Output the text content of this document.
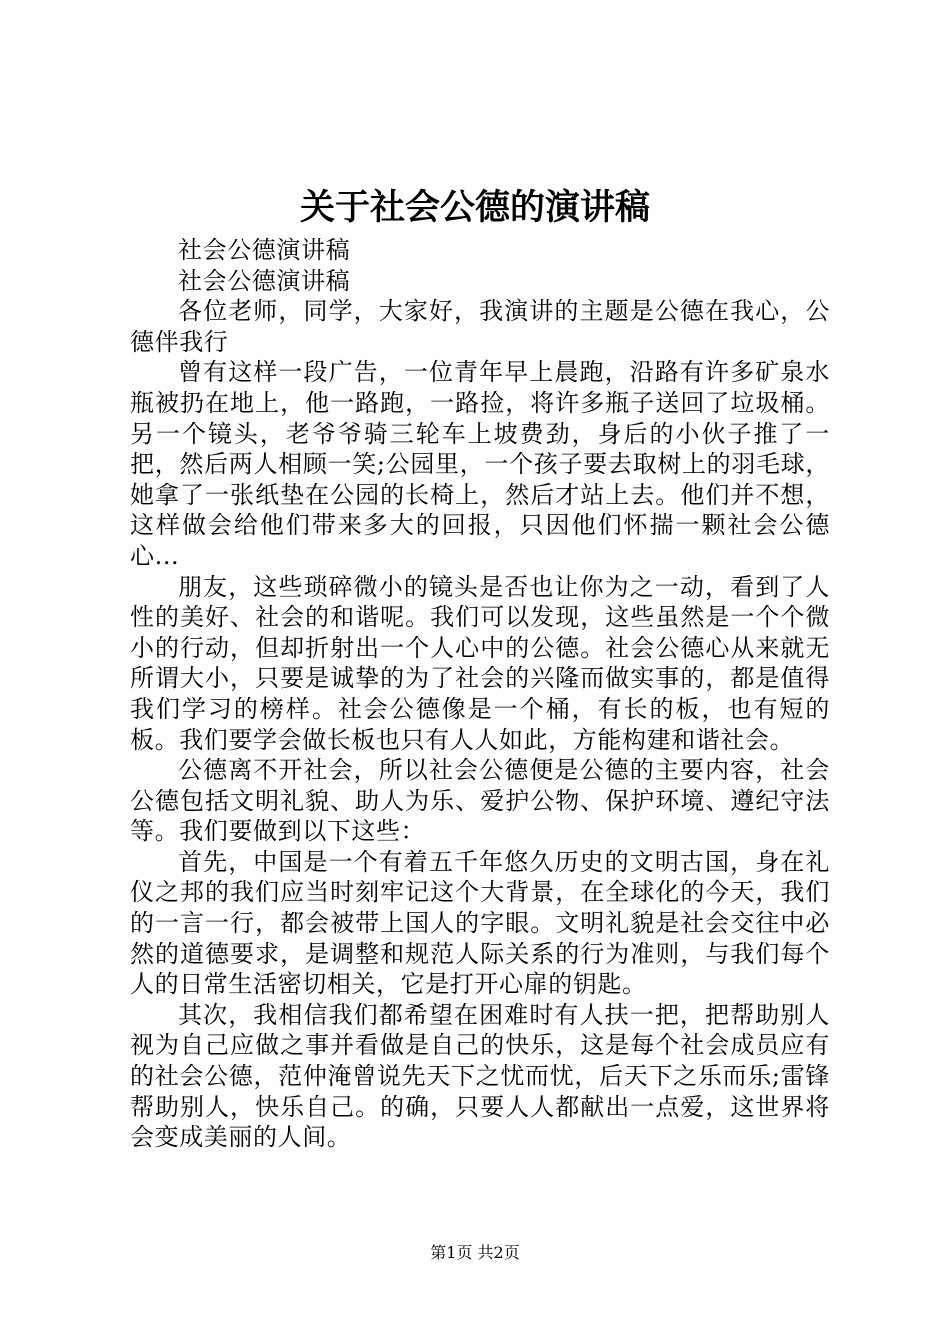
关于社会公德的演讲稿

社会公德演讲稿

社会公德演讲稿

各位老师，同学，大家好，我演讲的主题是公德在我心，公德伴我行

曾有这样一段广告，一位青年早上晨跑，沿路有许多矿泉水瓶被扔在地上，他一路跑，一路捡，将许多瓶子送回了垃圾桶。另一个镜头，老爷爷骑三轮车上坡费劲，身后的小伙子推了一把，然后两人相顾一笑;公园里，一个孩子要去取树上的羽毛球，她拿了一张纸垫在公园的长椅上，然后才站上去。他们并不想，这样做会给他们带来多大的回报，只因他们怀揣一颗社会公德心...

朋友，这些琐碎微小的镜头是否也让你为之一动，看到了人性的美好、社会的和谐呢。我们可以发现，这些虽然是一个个微小的行动，但却折射出一个人心中的公德。社会公德心从来就无所谓大小，只要是诚挚的为了社会的兴隆而做实事的，都是值得我们学习的榜样。社会公德像是一个桶，有长的板，也有短的板。我们要学会做长板也只有人人如此，方能构建和谐社会。

公德离不开社会，所以社会公德便是公德的主要内容，社会公德包括文明礼貌、助人为乐、爱护公物、保护环境、遵纪守法等。我们要做到以下这些：

首先，中国是一个有着五千年悠久历史的文明古国，身在礼仪之邦的我们应当时刻牢记这个大背景，在全球化的今天，我们的一言一行，都会被带上国人的字眼。文明礼貌是社会交往中必然的道德要求，是调整和规范人际关系的行为准则，与我们每个人的日常生活密切相关，它是打开心扉的钥匙。

其次，我相信我们都希望在困难时有人扶一把，把帮助别人视为自己应做之事并看做是自己的快乐，这是每个社会成员应有的社会公德，范仲淹曾说先天下之忧而忧，后天下之乐而乐;雷锋帮助别人，快乐自己。的确，只要人人都献出一点爱，这世界将会变成美丽的人间。

第1页 共2页
